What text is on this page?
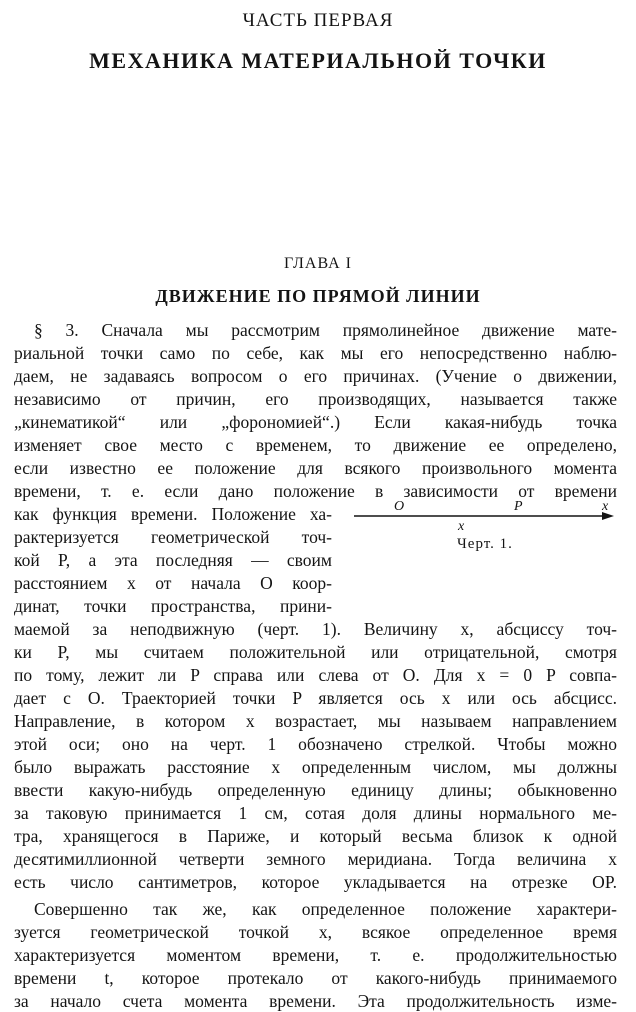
ЧАСТЬ ПЕРВАЯ
МЕХАНИКА МАТЕРИАЛЬНОЙ ТОЧКИ
ГЛАВА I
ДВИЖЕНИЕ ПО ПРЯМОЙ ЛИНИИ
§ 3. Сначала мы рассмотрим прямолинейное движение мате-
риальной точки само по себе, как мы его непосредственно наблю-
даем, не задаваясь вопросом о его причинах. (Учение о движении,
независимо от причин, его производящих, называется также
„кинематикой“ или „форономией“.) Если какая-нибудь точка
изменяет свое место с временем, то движение ее определено,
если известно ее положение для всякого произвольного момента
времени, т. е. если дано положение в зависимости от времени
как функция времени. Положение ха-
рактеризуется геометрической точ-
кой P, а эта последняя — своим
расстоянием x от начала O коор-
динат, точки пространства, прини-
маемой за неподвижную (черт. 1). Величину x, абсциссу точ-
ки P, мы считаем положительной или отрицательной, смотря
по тому, лежит ли P справа или слева от O. Для x = 0 P совпа-
дает с O. Траекторией точки P является ось x или ось абсцисс.
Направление, в котором x возрастает, мы называем направлением
этой оси; оно на черт. 1 обозначено стрелкой. Чтобы можно
было выражать расстояние x определенным числом, мы должны
ввести какую-нибудь определенную единицу длины; обыкновенно
за таковую принимается 1 см, сотая доля длины нормального ме-
тра, хранящегося в Париже, и который весьма близок к одной
десятимиллионной четверти земного меридиана. Тогда величина x
есть число сантиметров, которое укладывается на отрезке OP.
Совершенно так же, как определенное положение характери-
зуется геометрической точкой x, всякое определенное время
характеризуется моментом времени, т. е. продолжительностью
времени t, которое протекало от какого-нибудь принимаемого
за начало счета момента времени. Эта продолжительность изме-
O	P	x
x
Черт. 1.
